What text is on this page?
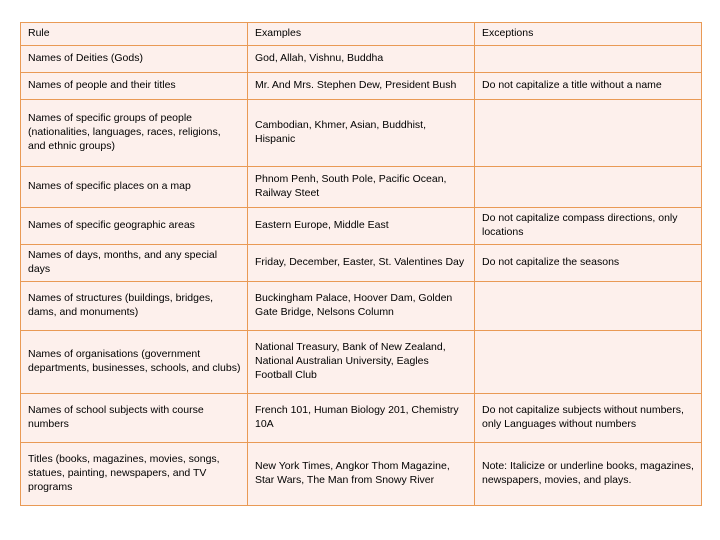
Rule	Examples	Exceptions
Names of Deities (Gods)	God, Allah, Vishnu, Buddha	
Names of people and their titles	Mr. And Mrs. Stephen Dew, President Bush	Do not capitalize a title without a name
Names of specific groups of people (nationalities, languages, races, religions, and ethnic groups)	Cambodian, Khmer, Asian, Buddhist, Hispanic	
Names of specific places on a map	Phnom Penh, South Pole, Pacific Ocean, Railway Steet	
Names of specific geographic areas	Eastern Europe, Middle East	Do not capitalize compass directions, only locations
Names of days, months, and any special days	Friday, December, Easter, St. Valentines Day	Do not capitalize the seasons
Names of structures (buildings, bridges, dams, and monuments)	Buckingham Palace, Hoover Dam, Golden Gate Bridge, Nelsons Column	
Names of organisations (government departments, businesses, schools, and clubs)	National Treasury, Bank of New Zealand, National Australian University, Eagles Football Club	
Names of school subjects with course numbers	French 101, Human Biology 201, Chemistry 10A	Do not capitalize subjects without numbers, only Languages without numbers
Titles (books, magazines, movies, songs, statues, painting, newspapers, and TV programs	New York Times, Angkor Thom Magazine, Star Wars, The Man from Snowy River	Note: Italicize or underline books, magazines, newspapers, movies, and plays.
